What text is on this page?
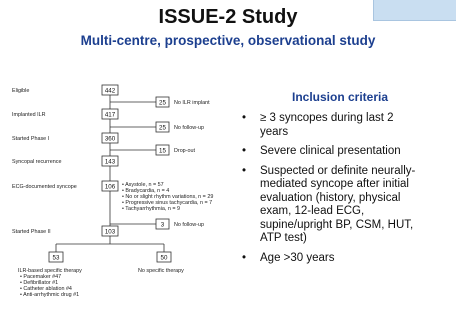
ISSUE-2 Study
Multi-centre, prospective, observational study
Eligible
Implanted ILR
Started Phase I
Syncopal recurrence
ECG-documented syncope
Started Phase II
442
417
360
143
106
103
25 No ILR implant
25 No follow-up
15 Drop-out
3 No follow-up
• Asystole, n = 57
• Bradycardia, n = 4
• No or slight rhythm variations, n = 29
• Progressive sinus tachycardia, n = 7
• Tachyarrhythmia, n = 9
53	50
ILR-based specific therapy
• Pacemaker #47
• Defibrillator #1
• Catheter ablation #4
• Anti-arrhythmic drug #1
No specific therapy
Inclusion criteria
• ≥ 3 syncopes during last 2
years
• Severe clinical presentation
• Suspected or definite neurally-
mediated syncope after initial
evaluation (history, physical
exam, 12-lead ECG,
supine/upright BP, CSM, HUT,
ATP test)
• Age >30 years
